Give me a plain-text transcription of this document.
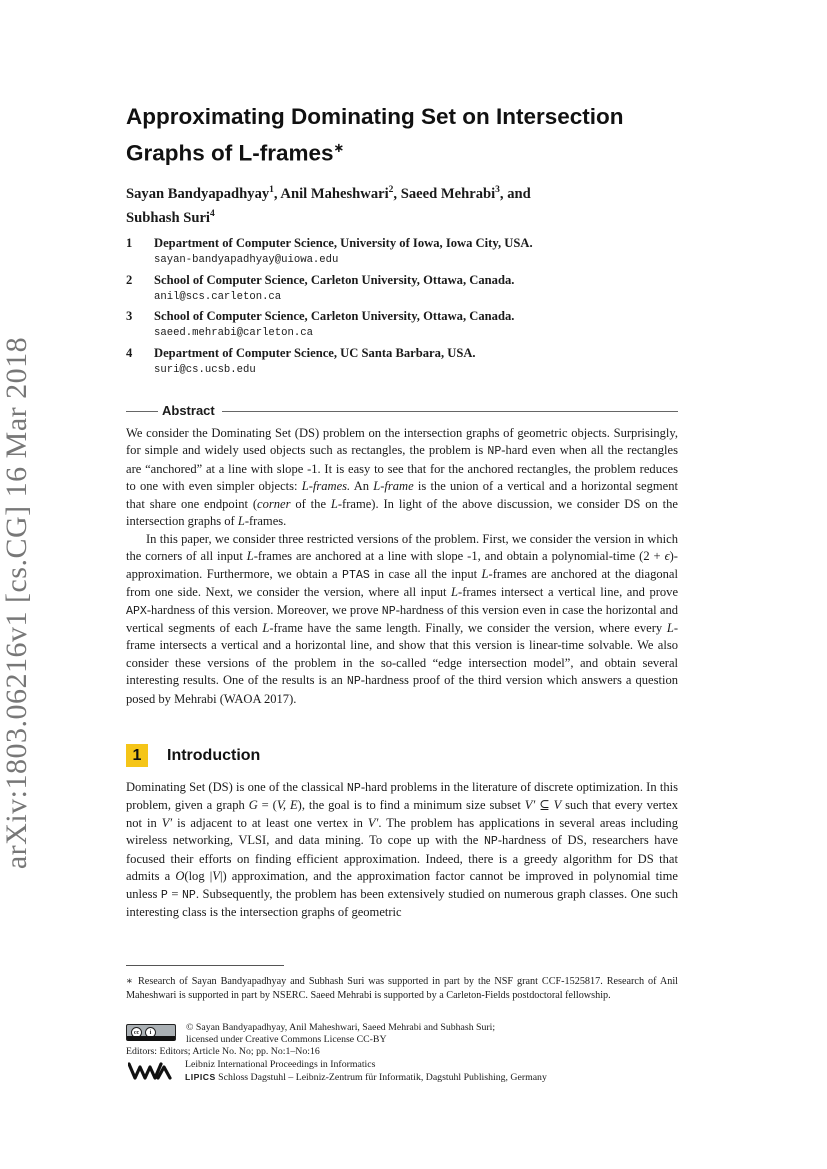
arXiv:1803.06216v1 [cs.CG] 16 Mar 2018
Approximating Dominating Set on Intersection
Graphs of L-frames∗
Sayan Bandyapadhyay$^1$, Anil Maheshwari$^2$, Saeed Mehrabi$^3$, and
Subhash Suri$^4$
1	Department of Computer Science, University of Iowa, Iowa City, USA.
sayan-bandyapadhyay@uiowa.edu
2	School of Computer Science, Carleton University, Ottawa, Canada.
anil@scs.carleton.ca
3	School of Computer Science, Carleton University, Ottawa, Canada.
saeed.mehrabi@carleton.ca
4	Department of Computer Science, UC Santa Barbara, USA.
suri@cs.ucsb.edu
Abstract

We consider the Dominating Set (DS) problem on the intersection graphs of geometric objects. Surprisingly, for simple and widely used objects such as rectangles, the problem is NP-hard even when all the rectangles are “anchored” at a line with slope -1. It is easy to see that for the anchored rectangles, the problem reduces to one with even simpler objects: L-frames. An L-frame is the union of a vertical and a horizontal segment that share one endpoint (corner of the L-frame). In light of the above discussion, we consider DS on the intersection graphs of L-frames.

In this paper, we consider three restricted versions of the problem. First, we consider the version in which the corners of all input L-frames are anchored at a line with slope -1, and obtain a polynomial-time (2 + ϵ)-approximation. Furthermore, we obtain a PTAS in case all the input L-frames are anchored at the diagonal from one side. Next, we consider the version, where all input L-frames intersect a vertical line, and prove APX-hardness of this version. Moreover, we prove NP-hardness of this version even in case the horizontal and vertical segments of each L-frame have the same length. Finally, we consider the version, where every L-frame intersects a vertical and a horizontal line, and show that this version is linear-time solvable. We also consider these versions of the problem in the so-called “edge intersection model”, and obtain several interesting results. One of the results is an NP-hardness proof of the third version which answers a question posed by Mehrabi (WAOA 2017).

1	Introduction

Dominating Set (DS) is one of the classical NP-hard problems in the literature of discrete optimization. In this problem, given a graph G = (V, E), the goal is to find a minimum size subset V′ ⊆ V such that every vertex not in V′ is adjacent to at least one vertex in V′. The problem has applications in several areas including wireless networking, VLSI, and data mining. To cope up with the NP-hardness of DS, researchers have focused their efforts on finding efficient approximation. Indeed, there is a greedy algorithm for DS that admits a O(log |V|) approximation, and the approximation factor cannot be improved in polynomial time unless P = NP. Subsequently, the problem has been extensively studied on numerous graph classes. One such interesting class is the intersection graphs of geometric

∗ Research of Sayan Bandyapadhyay and Subhash Suri was supported in part by the NSF grant CCF-1525817. Research of Anil Maheshwari is supported in part by NSERC. Saeed Mehrabi is supported by a Carleton-Fields postdoctoral fellowship.
cc	i	© Sayan Bandyapadhyay, Anil Maheshwari, Saeed Mehrabi and Subhash Suri;
licensed under Creative Commons License CC-BY
Editors: Editors; Article No. No; pp. No:1–No:16
Leibniz International Proceedings in Informatics
LIPICS Schloss Dagstuhl – Leibniz-Zentrum für Informatik, Dagstuhl Publishing, Germany
